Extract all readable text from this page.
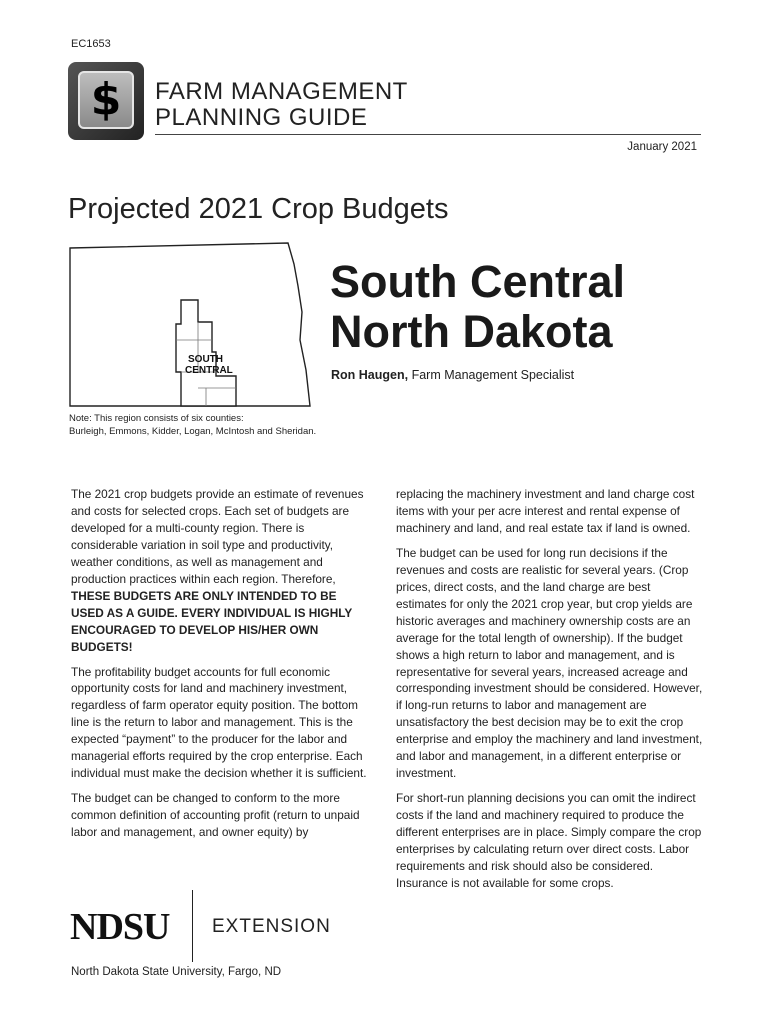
EC1653
$	FARM MANAGEMENT
PLANNING GUIDE
January 2021
Projected 2021 Crop Budgets
SOUTH
CENTRAL
South Central
North Dakota
Ron Haugen, Farm Management Specialist
Note: This region consists of six counties:
Burleigh, Emmons, Kidder, Logan, McIntosh and Sheridan.

The 2021 crop budgets provide an estimate of revenues and costs for selected crops. Each set of budgets are developed for a multi-county region. There is considerable variation in soil type and productivity, weather conditions, as well as management and production practices within each region. Therefore, THESE BUDGETS ARE ONLY INTENDED TO BE USED AS A GUIDE. EVERY INDIVIDUAL IS HIGHLY ENCOURAGED TO DEVELOP HIS/HER OWN BUDGETS!

The profitability budget accounts for full economic opportunity costs for land and machinery investment, regardless of farm operator equity position. The bottom line is the return to labor and management. This is the expected “payment” to the producer for the labor and managerial efforts required by the crop enterprise. Each individual must make the decision whether it is sufficient.

The budget can be changed to conform to the more common definition of accounting profit (return to unpaid labor and management, and owner equity) by

replacing the machinery investment and land charge cost items with your per acre interest and rental expense of machinery and land, and real estate tax if land is owned.

The budget can be used for long run decisions if the revenues and costs are realistic for several years. (Crop prices, direct costs, and the land charge are best estimates for only the 2021 crop year, but crop yields are historic averages and machinery ownership costs are an average for the total length of ownership). If the budget shows a high return to labor and management, and is representative for several years, increased acreage and corresponding investment should be considered. However, if long-run returns to labor and management are unsatisfactory the best decision may be to exit the crop enterprise and employ the machinery and land investment, and labor and management, in a different enterprise or investment.

For short-run planning decisions you can omit the indirect costs if the land and machinery required to produce the different enterprises are in place. Simply compare the crop enterprises by calculating return over direct costs. Labor requirements and risk should also be considered. Insurance is not available for some crops.

NDSU EXTENSION
North Dakota State University, Fargo, ND
